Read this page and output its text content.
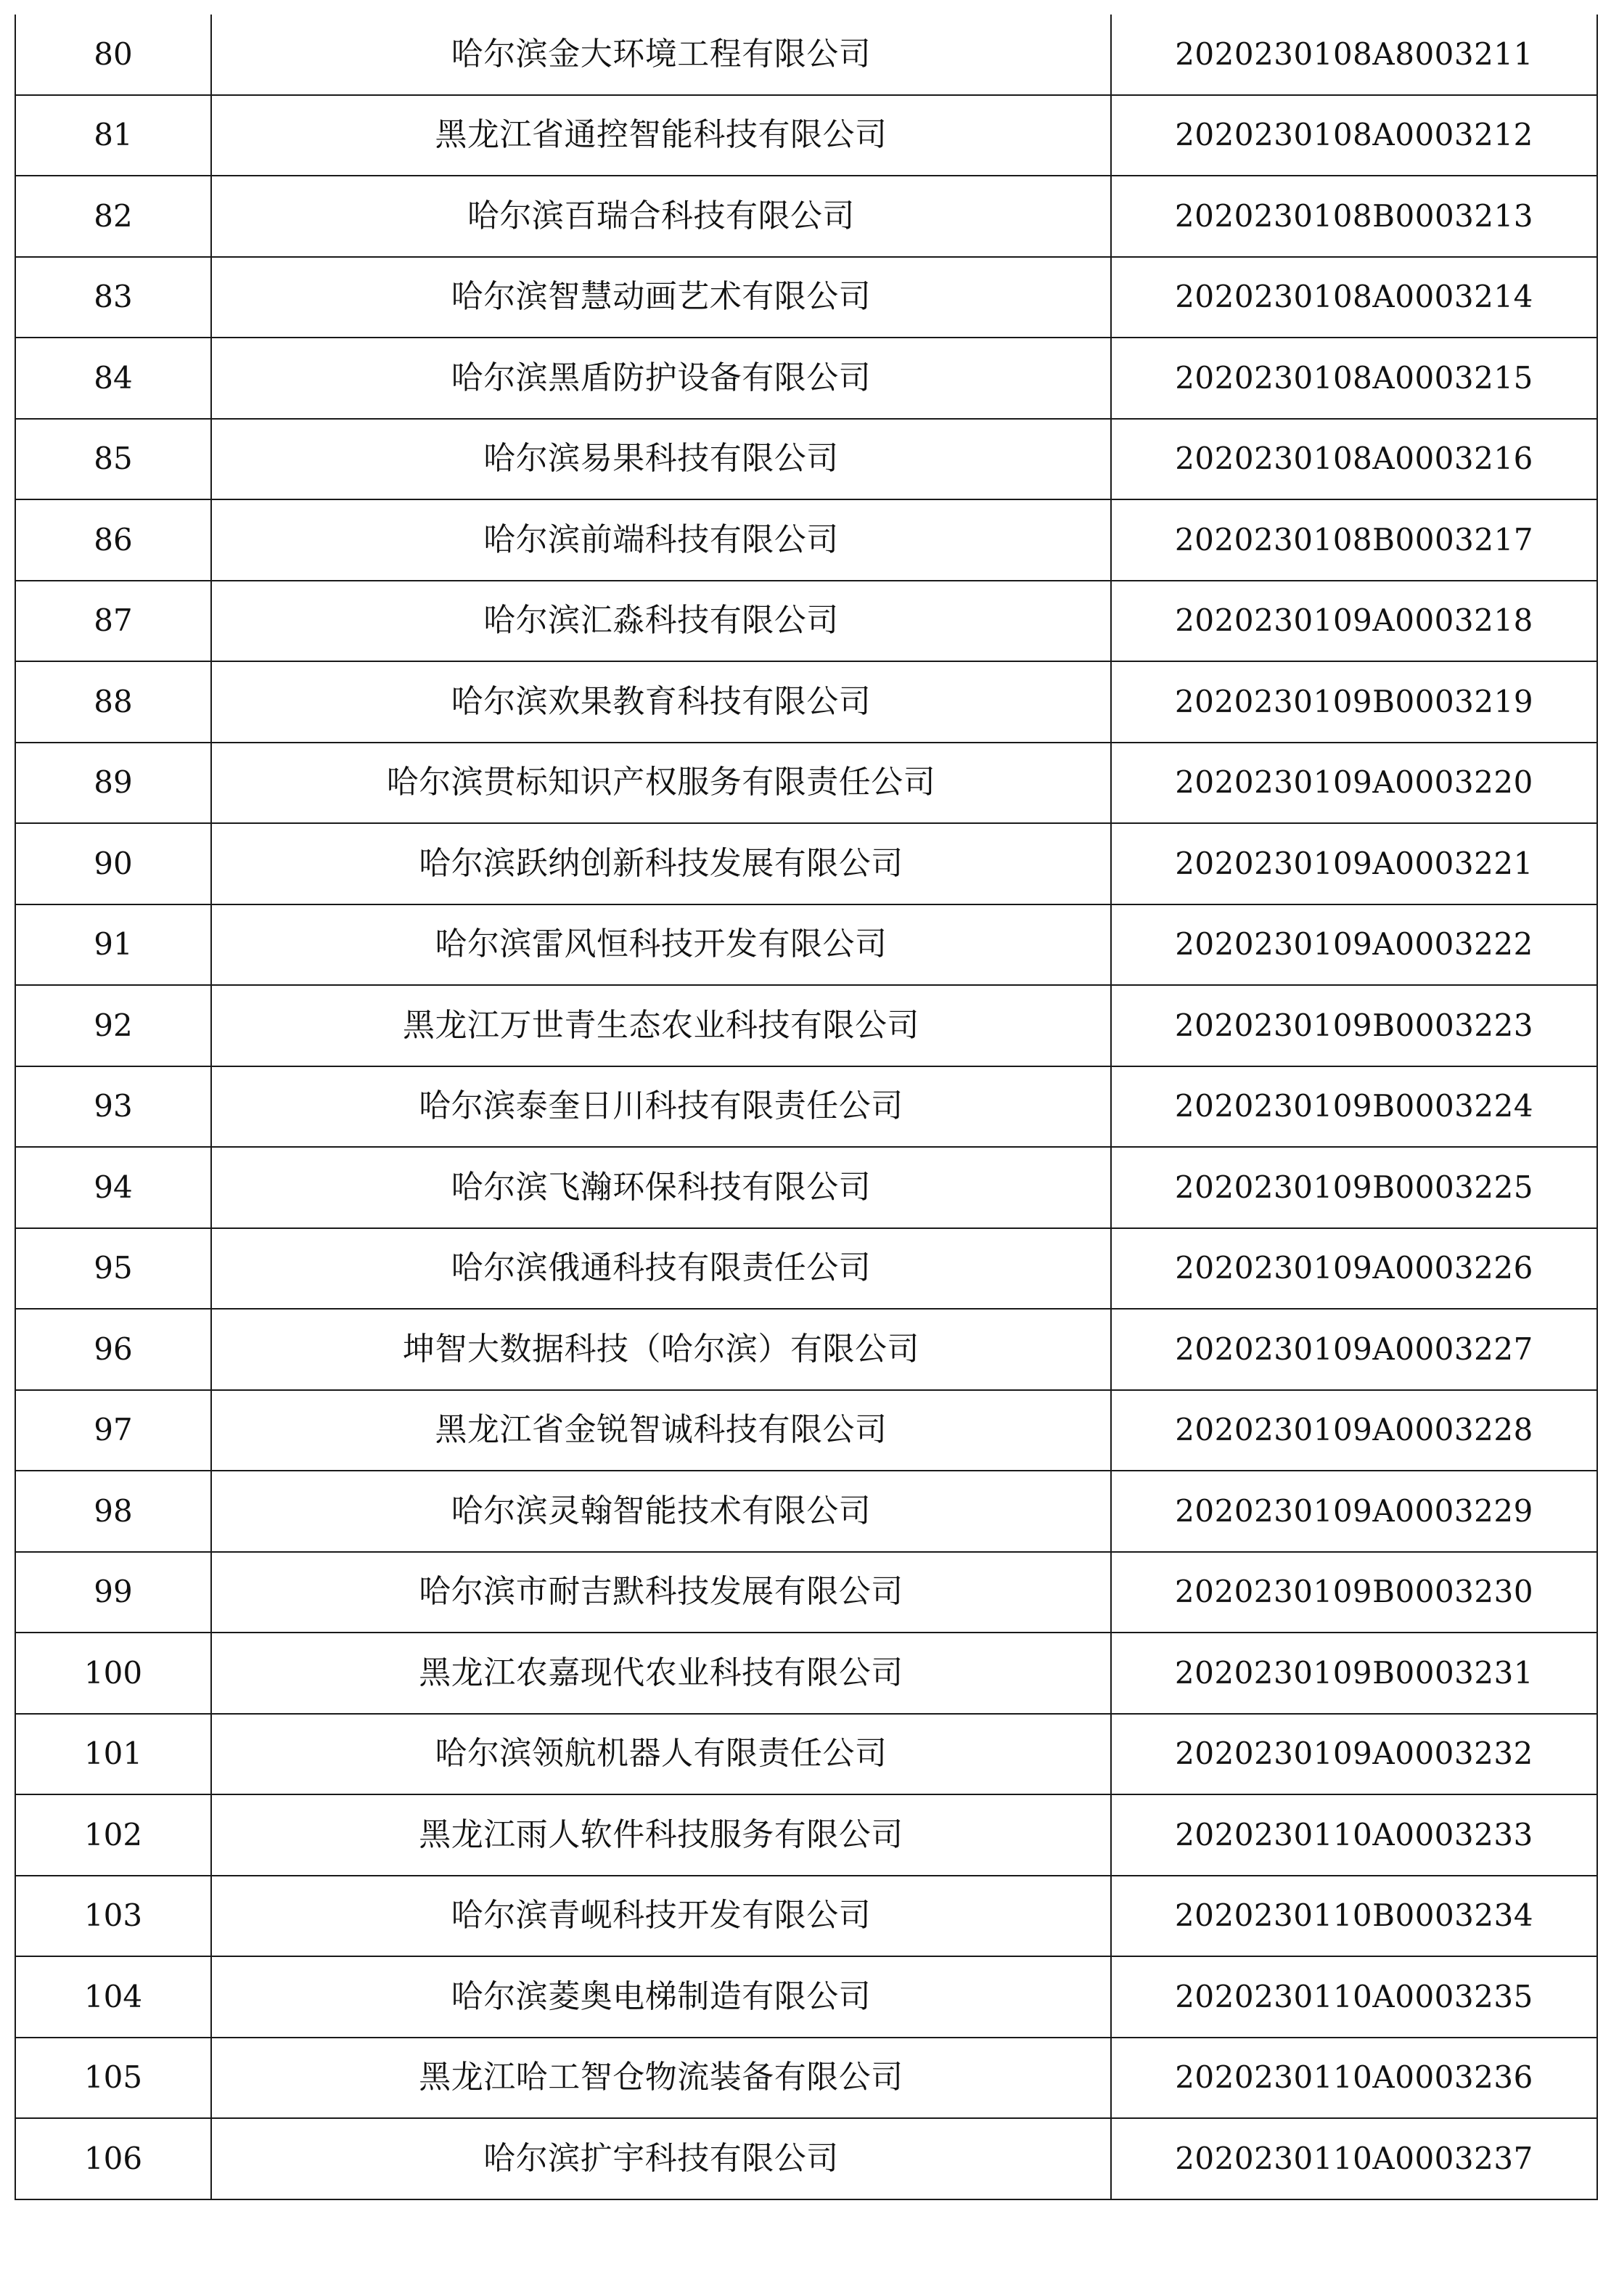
80	哈尔滨金大环境工程有限公司	2020230108A8003211
81	黑龙江省通控智能科技有限公司	2020230108A0003212
82	哈尔滨百瑞合科技有限公司	2020230108B0003213
83	哈尔滨智慧动画艺术有限公司	2020230108A0003214
84	哈尔滨黑盾防护设备有限公司	2020230108A0003215
85	哈尔滨易果科技有限公司	2020230108A0003216
86	哈尔滨前端科技有限公司	2020230108B0003217
87	哈尔滨汇淼科技有限公司	2020230109A0003218
88	哈尔滨欢果教育科技有限公司	2020230109B0003219
89	哈尔滨贯标知识产权服务有限责任公司	2020230109A0003220
90	哈尔滨跃纳创新科技发展有限公司	2020230109A0003221
91	哈尔滨雷风恒科技开发有限公司	2020230109A0003222
92	黑龙江万世青生态农业科技有限公司	2020230109B0003223
93	哈尔滨泰奎日川科技有限责任公司	2020230109B0003224
94	哈尔滨飞瀚环保科技有限公司	2020230109B0003225
95	哈尔滨俄通科技有限责任公司	2020230109A0003226
96	坤智大数据科技（哈尔滨）有限公司	2020230109A0003227
97	黑龙江省金锐智诚科技有限公司	2020230109A0003228
98	哈尔滨灵翰智能技术有限公司	2020230109A0003229
99	哈尔滨市耐吉默科技发展有限公司	2020230109B0003230
100	黑龙江农嘉现代农业科技有限公司	2020230109B0003231
101	哈尔滨领航机器人有限责任公司	2020230109A0003232
102	黑龙江雨人软件科技服务有限公司	2020230110A0003233
103	哈尔滨青岘科技开发有限公司	2020230110B0003234
104	哈尔滨菱奥电梯制造有限公司	2020230110A0003235
105	黑龙江哈工智仓物流装备有限公司	2020230110A0003236
106	哈尔滨扩宇科技有限公司	2020230110A0003237
